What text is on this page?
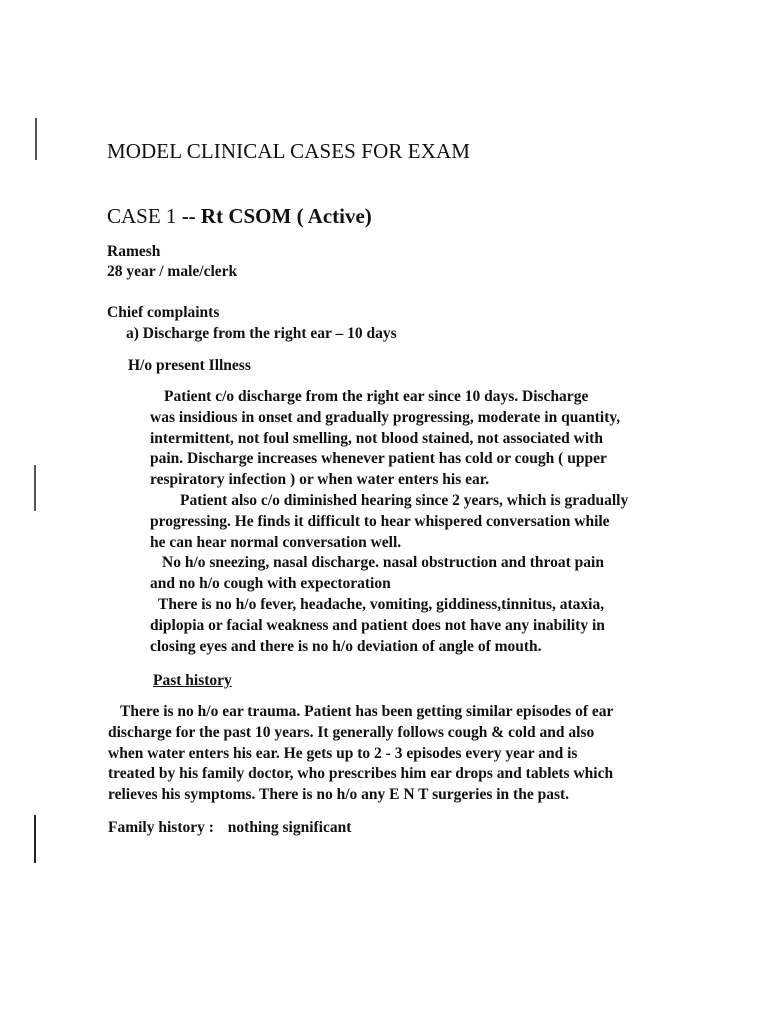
MODEL CLINICAL CASES FOR EXAM
CASE 1 -- Rt CSOM ( Active)
Ramesh
28 year / male/clerk
Chief complaints
a) Discharge from the right ear – 10 days
H/o present Illness
Patient c/o discharge from the right ear since 10 days. Discharge
was insidious in onset and gradually progressing, moderate in quantity,
intermittent, not foul smelling, not blood stained, not associated with
pain. Discharge increases whenever patient has cold or cough ( upper
respiratory infection ) or when water enters his ear.
Patient also c/o diminished hearing since 2 years, which is gradually
progressing. He finds it difficult to hear whispered conversation while
he can hear normal conversation well.
No h/o sneezing, nasal discharge. nasal obstruction and throat pain
and no h/o cough with expectoration
There is no h/o fever, headache, vomiting, giddiness,tinnitus, ataxia,
diplopia or facial weakness and patient does not have any inability in
closing eyes and there is no h/o deviation of angle of mouth.
Past history
There is no h/o ear trauma. Patient has been getting similar episodes of ear
discharge for the past 10 years. It generally follows cough & cold and also
when water enters his ear. He gets up to 2 - 3 episodes every year and is
treated by his family doctor, who prescribes him ear drops and tablets which
relieves his symptoms. There is no h/o any E N T surgeries in the past.
Family history : nothing significant
